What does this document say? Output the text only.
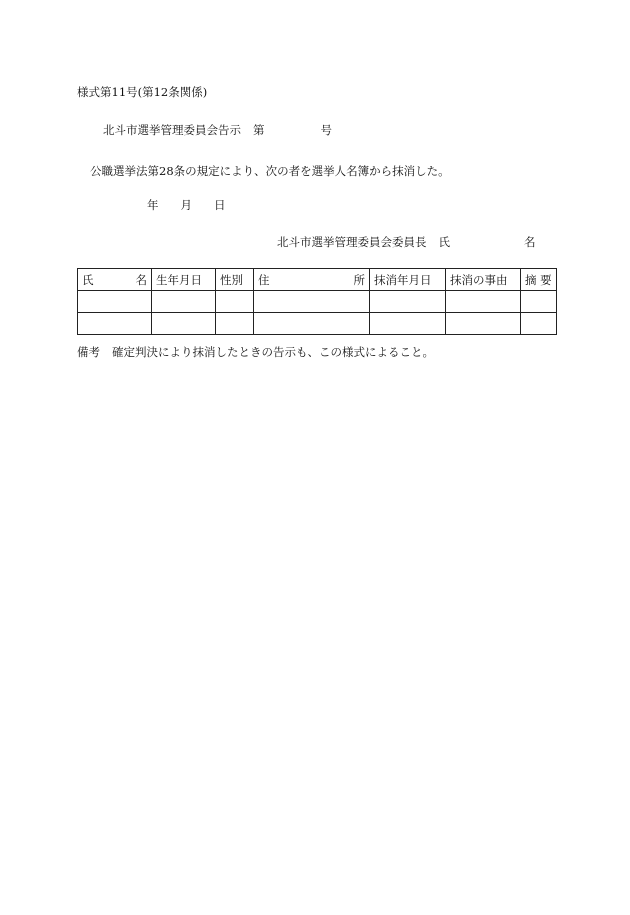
様式第11号(第12条関係)
北斗市選挙管理委員会告示 第	号
公職選挙法第28条の規定により、次の者を選挙人名簿から抹消した。
年 月 日
北斗市選挙管理委員会委員長 氏	名
氏 名	生年月日	性別	住 所	抹消年月日	抹消の事由	摘 要

備考 確定判決により抹消したときの告示も、この様式によること。
